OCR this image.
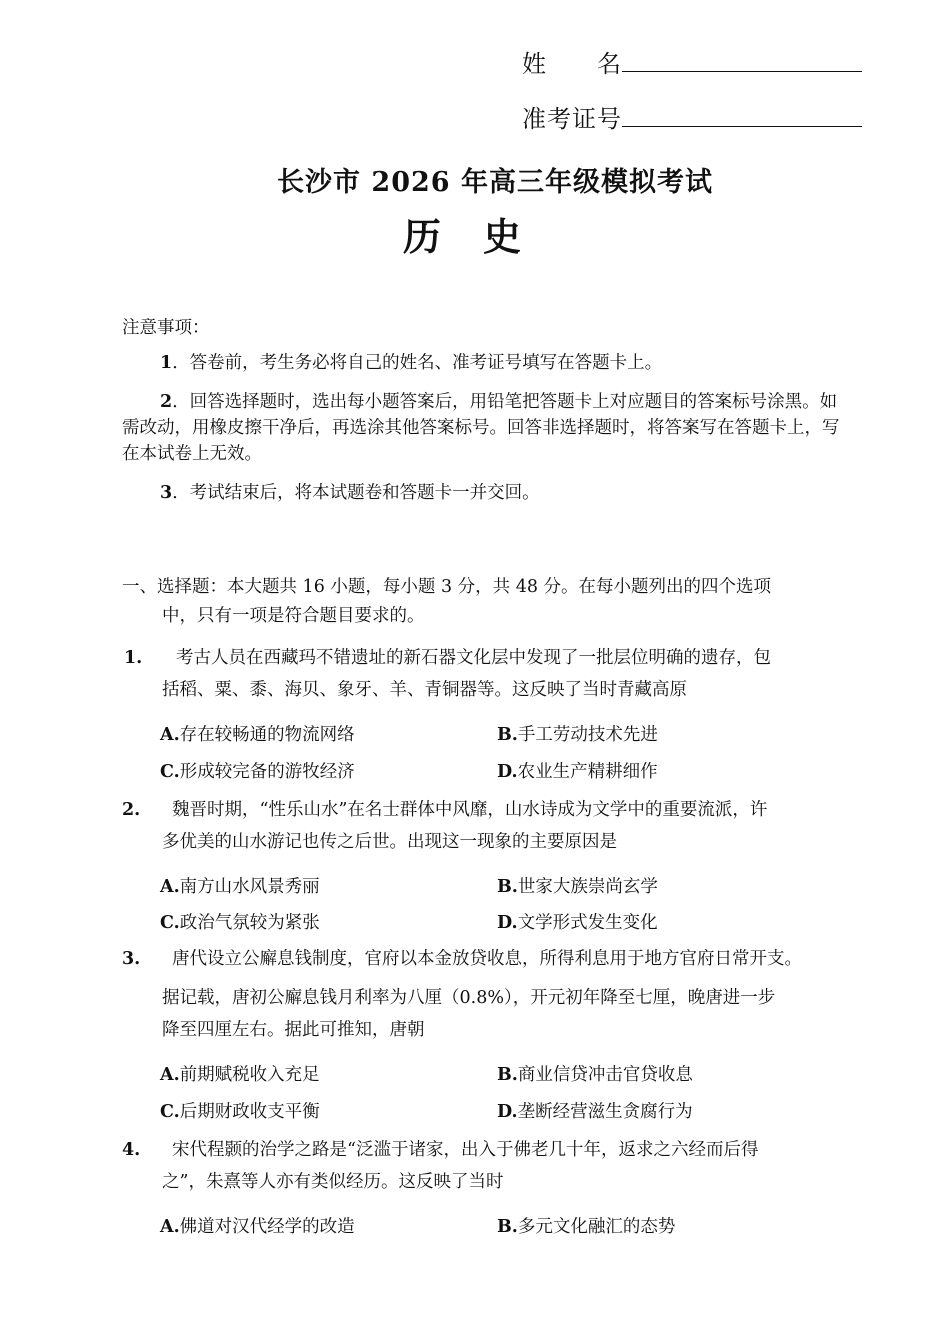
姓　　名
准考证号
长沙市 2026 年高三年级模拟考试
历史
注意事项：
1．答卷前，考生务必将自己的姓名、准考证号填写在答题卡上。
2．回答选择题时，选出每小题答案后，用铅笔把答题卡上对应题目的答案标号涂黑。如需改动，用橡皮擦干净后，再选涂其他答案标号。回答非选择题时，将答案写在答题卡上，写在本试卷上无效。
3．考试结束后，将本试题卷和答题卡一并交回。
一、选择题：本大题共 16 小题，每小题 3 分，共 48 分。在每小题列出的四个选项
中，只有一项是符合题目要求的。
1. 考古人员在西藏玛不错遗址的新石器文化层中发现了一批层位明确的遗存，包
括稻、粟、黍、海贝、象牙、羊、青铜器等。这反映了当时青藏高原
A.存在较畅通的物流网络	B.手工劳动技术先进
C.形成较完备的游牧经济	D.农业生产精耕细作
2. 魏晋时期，“性乐山水”在名士群体中风靡，山水诗成为文学中的重要流派，许
多优美的山水游记也传之后世。出现这一现象的主要原因是
A.南方山水风景秀丽	B.世家大族崇尚玄学
C.政治气氛较为紧张	D.文学形式发生变化
3. 唐代设立公廨息钱制度，官府以本金放贷收息，所得利息用于地方官府日常开支。
据记载，唐初公廨息钱月利率为八厘（0.8%），开元初年降至七厘，晚唐进一步
降至四厘左右。据此可推知，唐朝
A.前期赋税收入充足	B.商业信贷冲击官贷收息
C.后期财政收支平衡	D.垄断经营滋生贪腐行为
4. 宋代程颢的治学之路是“泛滥于诸家，出入于佛老几十年，返求之六经而后得
之”，朱熹等人亦有类似经历。这反映了当时
A.佛道对汉代经学的改造	B.多元文化融汇的态势
